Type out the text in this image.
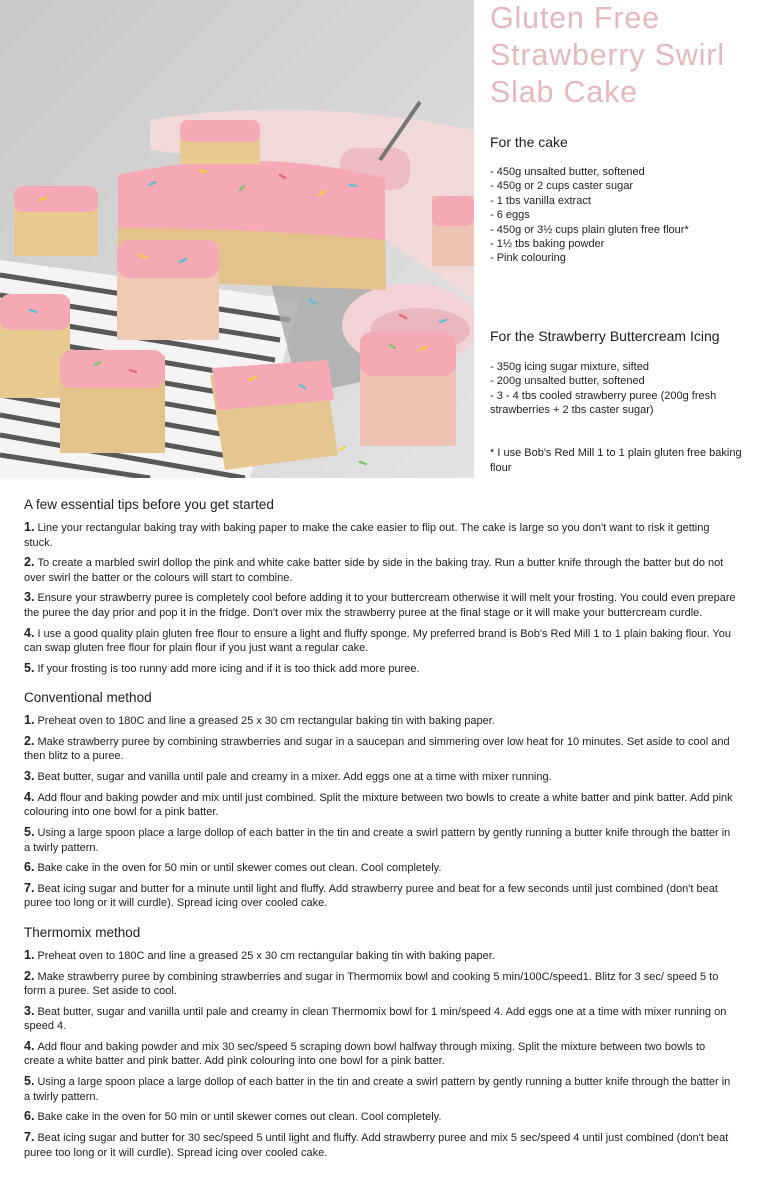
Gluten Free
Strawberry Swirl
Slab Cake
For the cake
- 450g unsalted butter, softened
- 450g or 2 cups caster sugar
- 1 tbs vanilla extract
- 6 eggs
- 450g or 3½ cups plain gluten free flour*
- 1½ tbs baking powder
- Pink colouring
For the Strawberry Buttercream Icing
- 350g icing sugar mixture, sifted
- 200g unsalted butter, softened
- 3 - 4 tbs cooled strawberry puree (200g fresh strawberries + 2 tbs caster sugar)

* I use Bob's Red Mill 1 to 1 plain gluten free baking flour

A few essential tips before you get started
1. Line your rectangular baking tray with baking paper to make the cake easier to flip out. The cake is large so you don't want to risk it getting stuck.
2. To create a marbled swirl dollop the pink and white cake batter side by side in the baking tray. Run a butter knife through the batter but do not over swirl the batter or the colours will start to combine.
3. Ensure your strawberry puree is completely cool before adding it to your buttercream otherwise it will melt your frosting. You could even prepare the puree the day prior and pop it in the fridge. Don't over mix the strawberry puree at the final stage or it will make your buttercream curdle.
4. I use a good quality plain gluten free flour to ensure a light and fluffy sponge. My preferred brand is Bob's Red Mill 1 to 1 plain baking flour. You can swap gluten free flour for plain flour if you just want a regular cake.
5. If your frosting is too runny add more icing and if it is too thick add more puree.
Conventional method
1. Preheat oven to 180C and line a greased 25 x 30 cm rectangular baking tin with baking paper.
2. Make strawberry puree by combining strawberries and sugar in a saucepan and simmering over low heat for 10 minutes. Set aside to cool and then blitz to a puree.
3. Beat butter, sugar and vanilla until pale and creamy in a mixer. Add eggs one at a time with mixer running.
4. Add flour and baking powder and mix until just combined. Split the mixture between two bowls to create a white batter and pink batter. Add pink colouring into one bowl for a pink batter.
5. Using a large spoon place a large dollop of each batter in the tin and create a swirl pattern by gently running a butter knife through the batter in a twirly pattern.
6. Bake cake in the oven for 50 min or until skewer comes out clean. Cool completely.
7. Beat icing sugar and butter for a minute until light and fluffy. Add strawberry puree and beat for a few seconds until just combined (don't beat puree too long or it will curdle). Spread icing over cooled cake.
Thermomix method
1. Preheat oven to 180C and line a greased 25 x 30 cm rectangular baking tin with baking paper.
2. Make strawberry puree by combining strawberries and sugar in Thermomix bowl and cooking 5 min/100C/speed1. Blitz for 3 sec/ speed 5 to form a puree. Set aside to cool.
3. Beat butter, sugar and vanilla until pale and creamy in clean Thermomix bowl for 1 min/speed 4. Add eggs one at a time with mixer running on speed 4.
4. Add flour and baking powder and mix 30 sec/speed 5 scraping down bowl halfway through mixing. Split the mixture between two bowls to create a white batter and pink batter. Add pink colouring into one bowl for a pink batter.
5. Using a large spoon place a large dollop of each batter in the tin and create a swirl pattern by gently running a butter knife through the batter in a twirly pattern.
6. Bake cake in the oven for 50 min or until skewer comes out clean. Cool completely.
7. Beat icing sugar and butter for 30 sec/speed 5 until light and fluffy. Add strawberry puree and mix 5 sec/speed 4 until just combined (don't beat puree too long or it will curdle). Spread icing over cooled cake.
